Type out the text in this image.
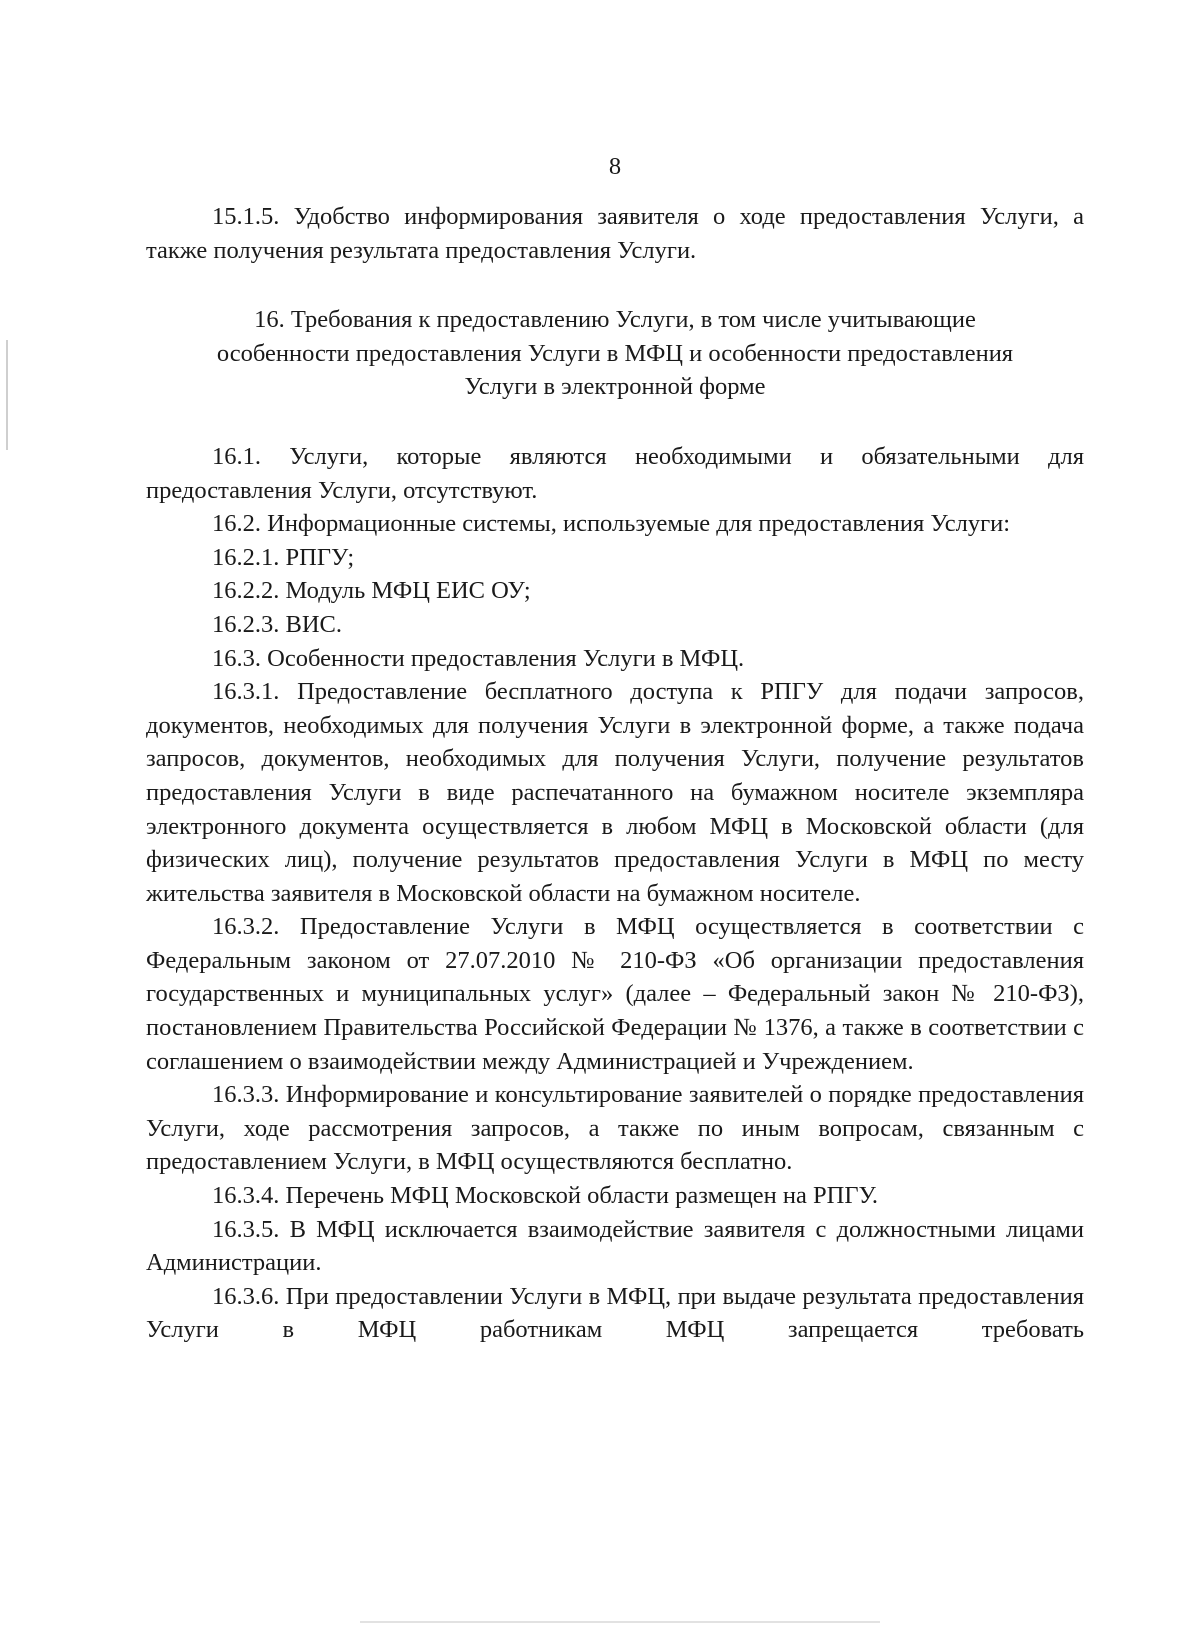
8

15.1.5. Удобство информирования заявителя о ходе предоставления Услуги, а также получения результата предоставления Услуги.

16. Требования к предоставлению Услуги, в том числе учитывающие особенности предоставления Услуги в МФЦ и особенности предоставления Услуги в электронной форме

16.1. Услуги, которые являются необходимыми и обязательными для предоставления Услуги, отсутствуют.

16.2. Информационные системы, используемые для предоставления Услуги:

16.2.1. РПГУ;

16.2.2. Модуль МФЦ ЕИС ОУ;

16.2.3. ВИС.

16.3. Особенности предоставления Услуги в МФЦ.

16.3.1. Предоставление бесплатного доступа к РПГУ для подачи запросов, документов, необходимых для получения Услуги в электронной форме, а также подача запросов, документов, необходимых для получения Услуги, получение результатов предоставления Услуги в виде распечатанного на бумажном носителе экземпляра электронного документа осуществляется в любом МФЦ в Московской области (для физических лиц), получение результатов предоставления Услуги в МФЦ по месту жительства заявителя в Московской области на бумажном носителе.

16.3.2. Предоставление Услуги в МФЦ осуществляется в соответствии с Федеральным законом от 27.07.2010 № 210-ФЗ «Об организации предоставления государственных и муниципальных услуг» (далее – Федеральный закон № 210-ФЗ), постановлением Правительства Российской Федерации № 1376, а также в соответствии с соглашением о взаимодействии между Администрацией и Учреждением.

16.3.3. Информирование и консультирование заявителей о порядке предоставления Услуги, ходе рассмотрения запросов, а также по иным вопросам, связанным с предоставлением Услуги, в МФЦ осуществляются бесплатно.

16.3.4. Перечень МФЦ Московской области размещен на РПГУ.

16.3.5. В МФЦ исключается взаимодействие заявителя с должностными лицами Администрации.

16.3.6. При предоставлении Услуги в МФЦ, при выдаче результата предоставления Услуги в МФЦ работникам МФЦ запрещается требовать
